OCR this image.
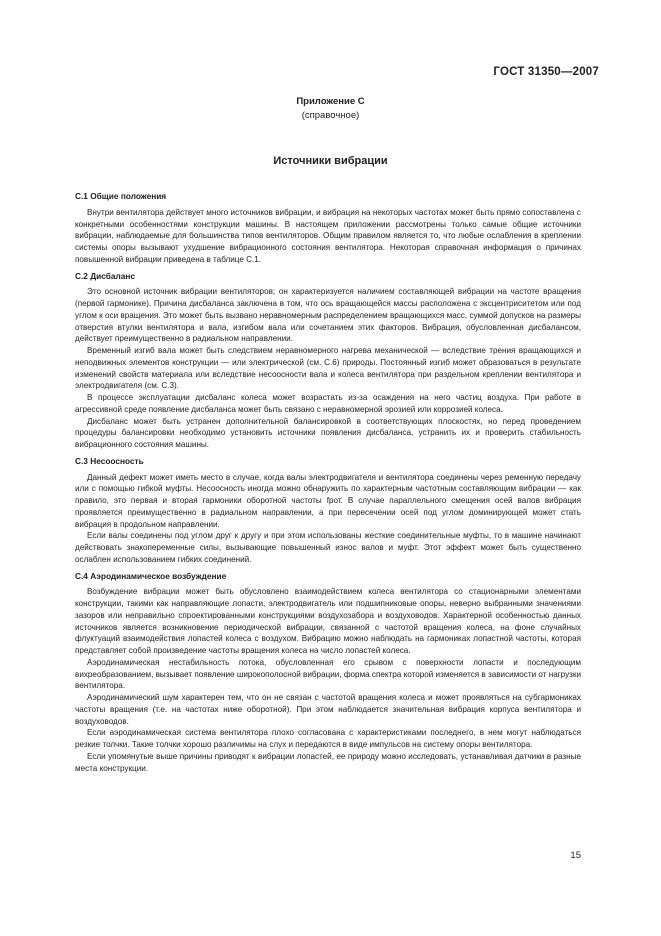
ГОСТ 31350—2007
Приложение С
(справочное)
Источники вибрации
С.1 Общие положения

Внутри вентилятора действует много источников вибрации, и вибрация на некоторых частотах может быть прямо сопоставлена с конкретными особенностями конструкции машины. В настоящем приложении рассмотрены только самые общие источники вибрации, наблюдаемые для большинства типов вентиляторов. Общим правилом является то, что любые ослабления в креплении системы опоры вызывают ухудшение вибрационного состояния вентилятора. Некоторая справочная информация о причинах повышенной вибрации приведена в таблице С.1.

С.2 Дисбаланс

Это основной источник вибрации вентиляторов; он характеризуется наличием составляющей вибрации на частоте вращения (первой гармонике). Причина дисбаланса заключена в том, что ось вращающейся массы расположена с эксцентриситетом или под углом к оси вращения. Это может быть вызвано неравномерным распределением вращающихся масс, суммой допусков на размеры отверстия втулки вентилятора и вала, изгибом вала или сочетанием этих факторов. Вибрация, обусловленная дисбалансом, действует преимущественно в радиальном направлении.

Временный изгиб вала может быть следствием неравномерного нагрева механической — вследствие трения вращающихся и неподвижных элементов конструкции — или электрической (см. С.6) природы. Постоянный изгиб может образоваться в результате изменений свойств материала или вследствие несоосности вала и колеса вентилятора при раздельном креплении вентилятора и электродвигателя (см. С.3).

В процессе эксплуатации дисбаланс колеса может возрастать из-за осаждения на него частиц воздуха. При работе в агрессивной среде появление дисбаланса может быть связано с неравномерной эрозией или коррозией колеса.

Дисбаланс может быть устранен дополнительной балансировкой в соответствующих плоскостях, но перед проведением процедуры балансировки необходимо установить источники появления дисбаланса, устранить их и проверить стабильность вибрационного состояния машины.

С.3 Несоосность

Данный дефект может иметь место в случае, когда валы электродвигателя и вентилятора соединены через ременную передачу или с помощью гибкой муфты. Несоосность иногда можно обнаружить по характерным частотным составляющим вибрации — как правило, это первая и вторая гармоники оборотной частоты fрот. В случае параллельного смещения осей валов вибрация проявляется преимущественно в радиальном направлении, а при пересечении осей под углом доминирующей может стать вибрация в продольном направлении.

Если валы соединены под углом друг к другу и при этом использованы жесткие соединительные муфты, то в машине начинают действовать знакопеременные силы, вызывающие повышенный износ валов и муфт. Этот эффект может быть существенно ослаблен использованием гибких соединений.

С.4 Аэродинамическое возбуждение

Возбуждение вибрации может быть обусловлено взаимодействием колеса вентилятора со стационарными элементами конструкции, такими как направляющие лопасти, электродвигатель или подшипниковые опоры, неверно выбранными значениями зазоров или неправильно спроектированными конструкциями воздухозабора и воздуховодов. Характерной особенностью данных источников является возникновение периодической вибрации, связанной с частотой вращения колеса, на фоне случайных флуктуаций взаимодействия лопастей колеса с воздухом. Вибрацию можно наблюдать на гармониках лопастной частоты, которая представляет собой произведение частоты вращения колеса на число лопастей колеса.

Аэродинамическая нестабильность потока, обусловленная его срывом с поверхности лопасти и последующим вихреобразованием, вызывает появление широкополосной вибрации, форма спектра которой изменяется в зависимости от нагрузки вентилятора.

Аэродинамический шум характерен тем, что он не связан с частотой вращения колеса и может проявляться на субгармониках частоты вращения (т.е. на частотах ниже оборотной). При этом наблюдается значительная вибрация корпуса вентилятора и воздуховодов.

Если аэродинамическая система вентилятора плохо согласована с характеристиками последнего, в нем могут наблюдаться резкие толчки. Такие толчки хорошо различимы на слух и передаются в виде импульсов на систему опоры вентилятора.

Если упомянутые выше причины приводят к вибрации лопастей, ее природу можно исследовать, устанавливая датчики в разные места конструкции.

15
